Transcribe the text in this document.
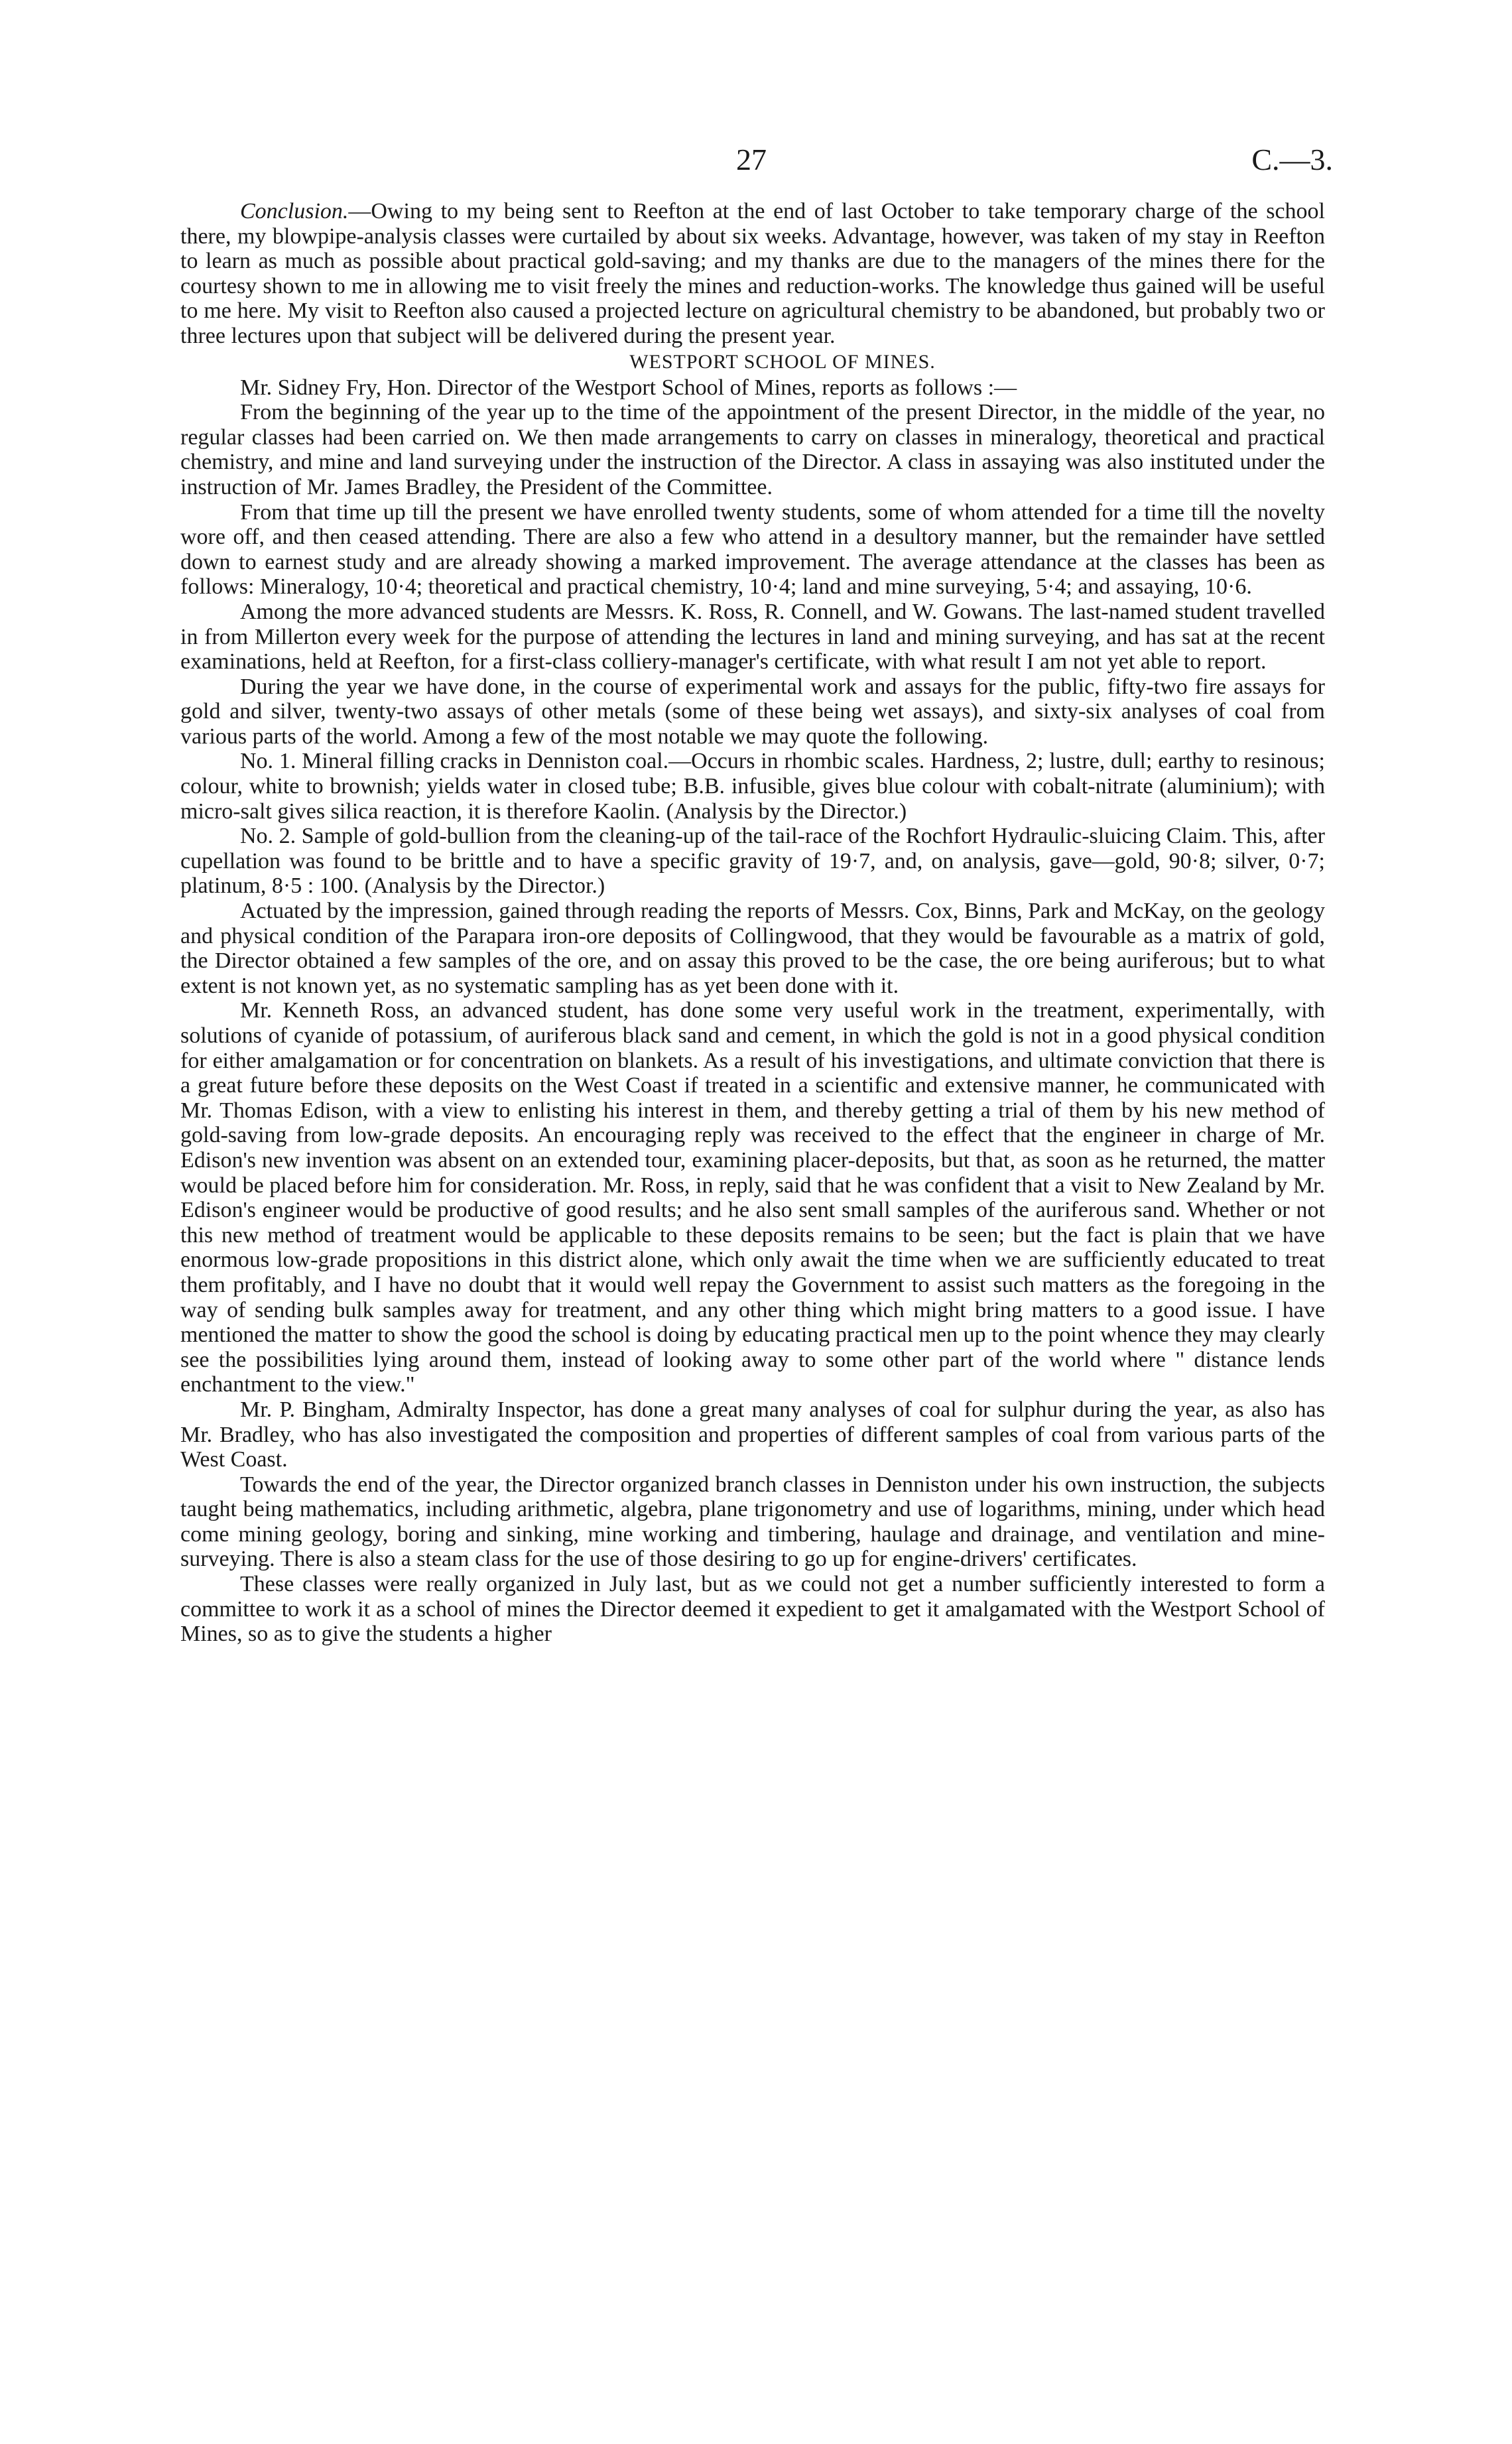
27	C.—3.

Conclusion.—Owing to my being sent to Reefton at the end of last October to take temporary charge of the school there, my blowpipe-analysis classes were curtailed by about six weeks. Advantage, however, was taken of my stay in Reefton to learn as much as possible about practical gold-saving; and my thanks are due to the managers of the mines there for the courtesy shown to me in allowing me to visit freely the mines and reduction-works. The knowledge thus gained will be useful to me here. My visit to Reefton also caused a projected lecture on agricultural chemistry to be abandoned, but probably two or three lectures upon that subject will be delivered during the present year.

WESTPORT SCHOOL OF MINES.

Mr. Sidney Fry, Hon. Director of the Westport School of Mines, reports as follows :—

From the beginning of the year up to the time of the appointment of the present Director, in the middle of the year, no regular classes had been carried on. We then made arrangements to carry on classes in mineralogy, theoretical and practical chemistry, and mine and land surveying under the instruction of the Director. A class in assaying was also instituted under the instruction of Mr. James Bradley, the President of the Committee.

From that time up till the present we have enrolled twenty students, some of whom attended for a time till the novelty wore off, and then ceased attending. There are also a few who attend in a desultory manner, but the remainder have settled down to earnest study and are already showing a marked improvement. The average attendance at the classes has been as follows: Mineralogy, 10·4; theoretical and practical chemistry, 10·4; land and mine surveying, 5·4; and assaying, 10·6.

Among the more advanced students are Messrs. K. Ross, R. Connell, and W. Gowans. The last-named student travelled in from Millerton every week for the purpose of attending the lectures in land and mining surveying, and has sat at the recent examinations, held at Reefton, for a first-class colliery-manager's certificate, with what result I am not yet able to report.

During the year we have done, in the course of experimental work and assays for the public, fifty-two fire assays for gold and silver, twenty-two assays of other metals (some of these being wet assays), and sixty-six analyses of coal from various parts of the world. Among a few of the most notable we may quote the following.

No. 1. Mineral filling cracks in Denniston coal.—Occurs in rhombic scales. Hardness, 2; lustre, dull; earthy to resinous; colour, white to brownish; yields water in closed tube; B.B. infusible, gives blue colour with cobalt-nitrate (aluminium); with micro-salt gives silica reaction, it is therefore Kaolin. (Analysis by the Director.)

No. 2. Sample of gold-bullion from the cleaning-up of the tail-race of the Rochfort Hydraulic-sluicing Claim. This, after cupellation was found to be brittle and to have a specific gravity of 19·7, and, on analysis, gave—gold, 90·8; silver, 0·7; platinum, 8·5 : 100. (Analysis by the Director.)

Actuated by the impression, gained through reading the reports of Messrs. Cox, Binns, Park and McKay, on the geology and physical condition of the Parapara iron-ore deposits of Collingwood, that they would be favourable as a matrix of gold, the Director obtained a few samples of the ore, and on assay this proved to be the case, the ore being auriferous; but to what extent is not known yet, as no systematic sampling has as yet been done with it.

Mr. Kenneth Ross, an advanced student, has done some very useful work in the treatment, experimentally, with solutions of cyanide of potassium, of auriferous black sand and cement, in which the gold is not in a good physical condition for either amalgamation or for concentration on blankets. As a result of his investigations, and ultimate conviction that there is a great future before these deposits on the West Coast if treated in a scientific and extensive manner, he communicated with Mr. Thomas Edison, with a view to enlisting his interest in them, and thereby getting a trial of them by his new method of gold-saving from low-grade deposits. An encouraging reply was received to the effect that the engineer in charge of Mr. Edison's new invention was absent on an extended tour, examining placer-deposits, but that, as soon as he returned, the matter would be placed before him for consideration. Mr. Ross, in reply, said that he was confident that a visit to New Zealand by Mr. Edison's engineer would be productive of good results; and he also sent small samples of the auriferous sand. Whether or not this new method of treatment would be applicable to these deposits remains to be seen; but the fact is plain that we have enormous low-grade propositions in this district alone, which only await the time when we are sufficiently educated to treat them profitably, and I have no doubt that it would well repay the Government to assist such matters as the foregoing in the way of sending bulk samples away for treatment, and any other thing which might bring matters to a good issue. I have mentioned the matter to show the good the school is doing by educating practical men up to the point whence they may clearly see the possibilities lying around them, instead of looking away to some other part of the world where " distance lends enchantment to the view."

Mr. P. Bingham, Admiralty Inspector, has done a great many analyses of coal for sulphur during the year, as also has Mr. Bradley, who has also investigated the composition and properties of different samples of coal from various parts of the West Coast.

Towards the end of the year, the Director organized branch classes in Denniston under his own instruction, the subjects taught being mathematics, including arithmetic, algebra, plane trigonometry and use of logarithms, mining, under which head come mining geology, boring and sinking, mine working and timbering, haulage and drainage, and ventilation and mine-surveying. There is also a steam class for the use of those desiring to go up for engine-drivers' certificates.

These classes were really organized in July last, but as we could not get a number sufficiently interested to form a committee to work it as a school of mines the Director deemed it expedient to get it amalgamated with the Westport School of Mines, so as to give the students a higher
